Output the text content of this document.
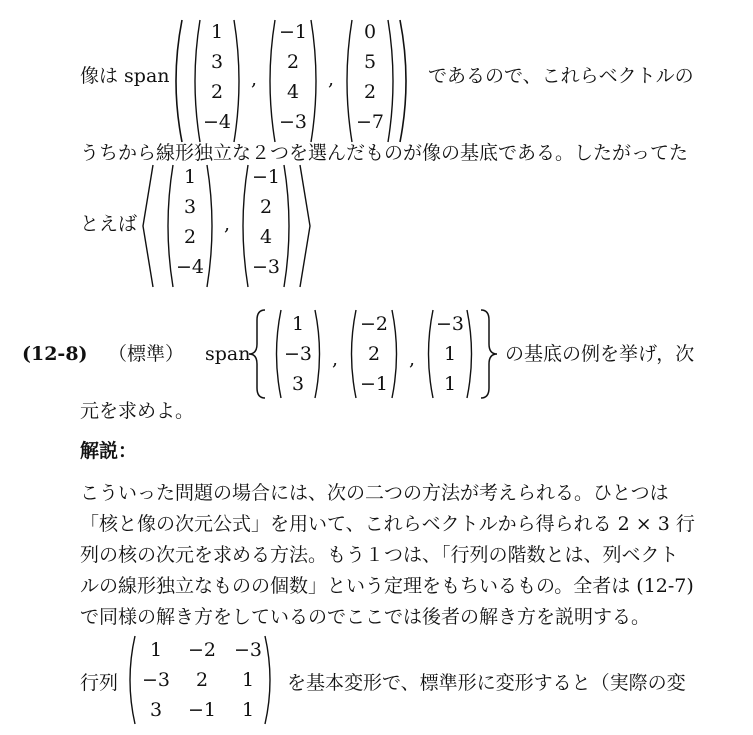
像は span
1
3
2
−4
,
−1
2
4
−3
,
0
5
2
−7
であるので、これらベクトルの
うちから線形独立な２つを選んだものが像の基底である。したがってた
とえば
1
3
2
−4
,
−1
2
4
−3
(12-8) （標準） span
1
−3
3
,
−2
2
−1
,
−3
1
1
の基底の例を挙げ，次
元を求めよ。
解説：
こういった問題の場合には、次の二つの方法が考えられる。ひとつは
「核と像の次元公式」を用いて、これらベクトルから得られる 2 × 3 行
列の核の次元を求める方法。もう１つは、「行列の階数とは、列ベクト
ルの線形独立なものの個数」という定理をもちいるもの。全者は (12-7)
で同様の解き方をしているのでここでは後者の解き方を説明する。
行列
1	−2 −3
−3	2	1
3	−1	1
を基本変形で、標準形に変形すると（実際の変
